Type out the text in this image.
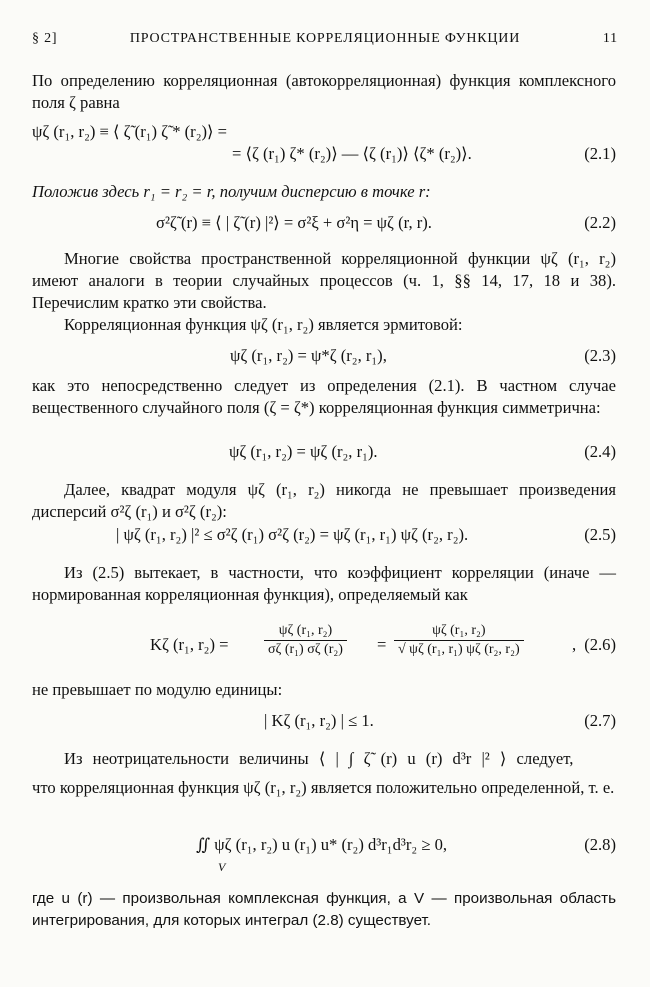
§ 2]	ПРОСТРАНСТВЕННЫЕ КОРРЕЛЯЦИОННЫЕ ФУНКЦИИ	11

По определению корреляционная (автокорреляционная) функция комплексного поля ζ равна

ψζ (r₁, r₂) ≡ ⟨ ζ̃ (r₁) ζ̃ * (r₂)⟩ =
= ⟨ζ (r₁) ζ* (r₂)⟩ — ⟨ζ (r₁)⟩ ⟨ζ* (r₂)⟩.	(2.1)

Положив здесь r₁ = r₂ = r, получим дисперсию в точке r:

σ²ζ̃ (r) ≡ ⟨ | ζ̃ (r) |²⟩ = σ²ξ + σ²η = ψζ (r, r).	(2.2)

Многие свойства пространственной корреляционной функции ψζ (r₁, r₂) имеют аналоги в теории случайных процессов (ч. 1, §§ 14, 17, 18 и 38). Перечислим кратко эти свойства.

Корреляционная функция ψζ (r₁, r₂) является эрмитовой:

ψζ (r₁, r₂) = ψ*ζ (r₂, r₁),	(2.3)

как это непосредственно следует из определения (2.1). В частном случае вещественного случайного поля (ζ = ζ*) корреляционная функция симметрична:

ψζ (r₁, r₂) = ψζ (r₂, r₁).	(2.4)

Далее, квадрат модуля ψζ (r₁, r₂) никогда не превышает произведения дисперсий σ²ζ (r₁) и σ²ζ (r₂):

| ψζ (r₁, r₂) |² ≤ σ²ζ (r₁) σ²ζ (r₂) = ψζ (r₁, r₁) ψζ (r₂, r₂).	(2.5)

Из (2.5) вытекает, в частности, что коэффициент корреляции (иначе — нормированная корреляционная функция), определяемый как

Kζ (r₁, r₂) =	$\frac{\text{ψζ (r₁, r₂)}}{\text{σζ (r₁) σζ (r₂)}} = \frac{\text{ψζ (r₁, r₂)}}{\text{√ ψζ (r₁, r₁) ψζ (r₂, r₂)}}$	, (2.6)

не превышает по модулю единицы:

| Kζ (r₁, r₂) | ≤ 1.	(2.7)

Из неотрицательности величины ⟨ | ∫ ζ̃ (r) u (r) d³r |² ⟩ следует,

что корреляционная функция ψζ (r₁, r₂) является положительно определенной, т. е.

∬ ψζ (r₁, r₂) u (r₁) u* (r₂) d³r₁d³r₂ ≥ 0,
V
(2.8)

где u (r) — произвольная комплексная функция, а V — произвольная область интегрирования, для которых интеграл (2.8) существует.
